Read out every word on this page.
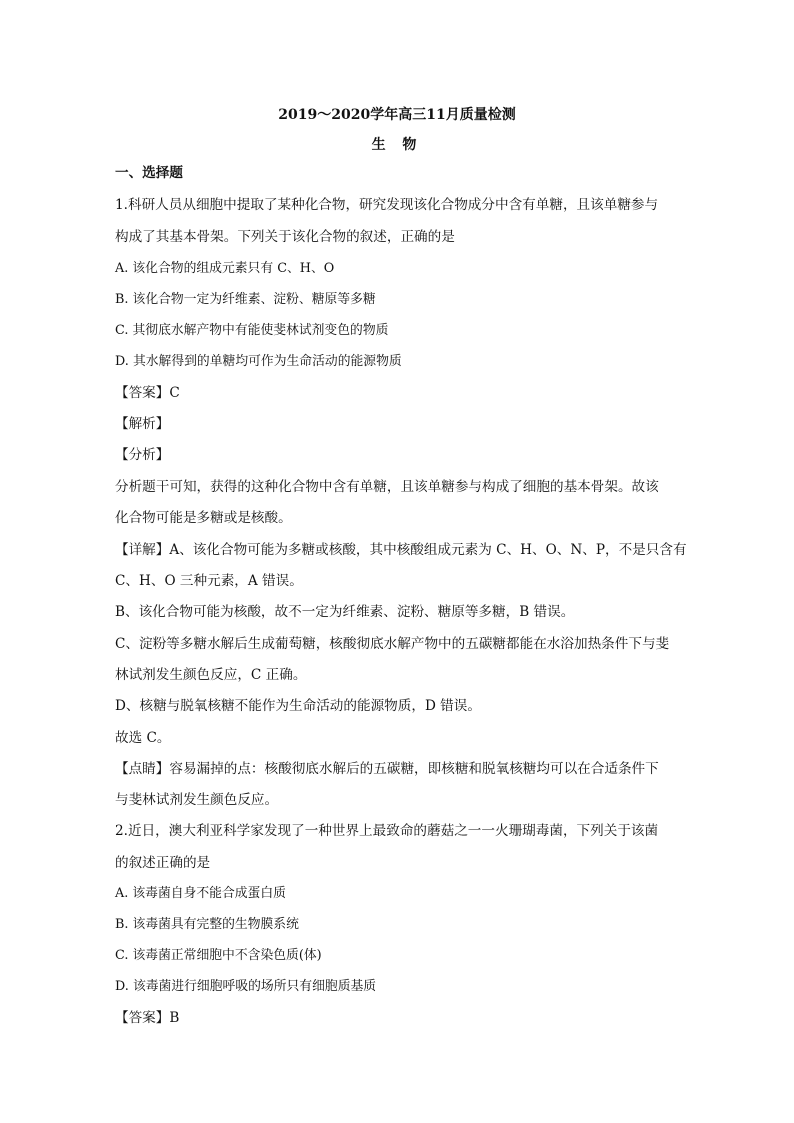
2019～2020学年高三11月质量检测
生 物
一、选择题
1.科研人员从细胞中提取了某种化合物，研究发现该化合物成分中含有单糖，且该单糖参与
构成了其基本骨架。下列关于该化合物的叙述，正确的是
A. 该化合物的组成元素只有 C、H、O
B. 该化合物一定为纤维素、淀粉、糖原等多糖
C. 其彻底水解产物中有能使斐林试剂变色的物质
D. 其水解得到的单糖均可作为生命活动的能源物质
【答案】C
【解析】
【分析】
分析题干可知，获得的这种化合物中含有单糖，且该单糖参与构成了细胞的基本骨架。故该
化合物可能是多糖或是核酸。
【详解】A、该化合物可能为多糖或核酸，其中核酸组成元素为 C、H、O、N、P，不是只含有
C、H、O 三种元素，A 错误。
B、该化合物可能为核酸，故不一定为纤维素、淀粉、糖原等多糖，B 错误。
C、淀粉等多糖水解后生成葡萄糖，核酸彻底水解产物中的五碳糖都能在水浴加热条件下与斐
林试剂发生颜色反应，C 正确。
D、核糖与脱氧核糖不能作为生命活动的能源物质，D 错误。
故选 C。
【点睛】容易漏掉的点：核酸彻底水解后的五碳糖，即核糖和脱氧核糖均可以在合适条件下
与斐林试剂发生颜色反应。
2.近日，澳大利亚科学家发现了一种世界上最致命的蘑菇之一一火珊瑚毒菌，下列关于该菌
的叙述正确的是
A. 该毒菌自身不能合成蛋白质
B. 该毒菌具有完整的生物膜系统
C. 该毒菌正常细胞中不含染色质(体)
D. 该毒菌进行细胞呼吸的场所只有细胞质基质
【答案】B
